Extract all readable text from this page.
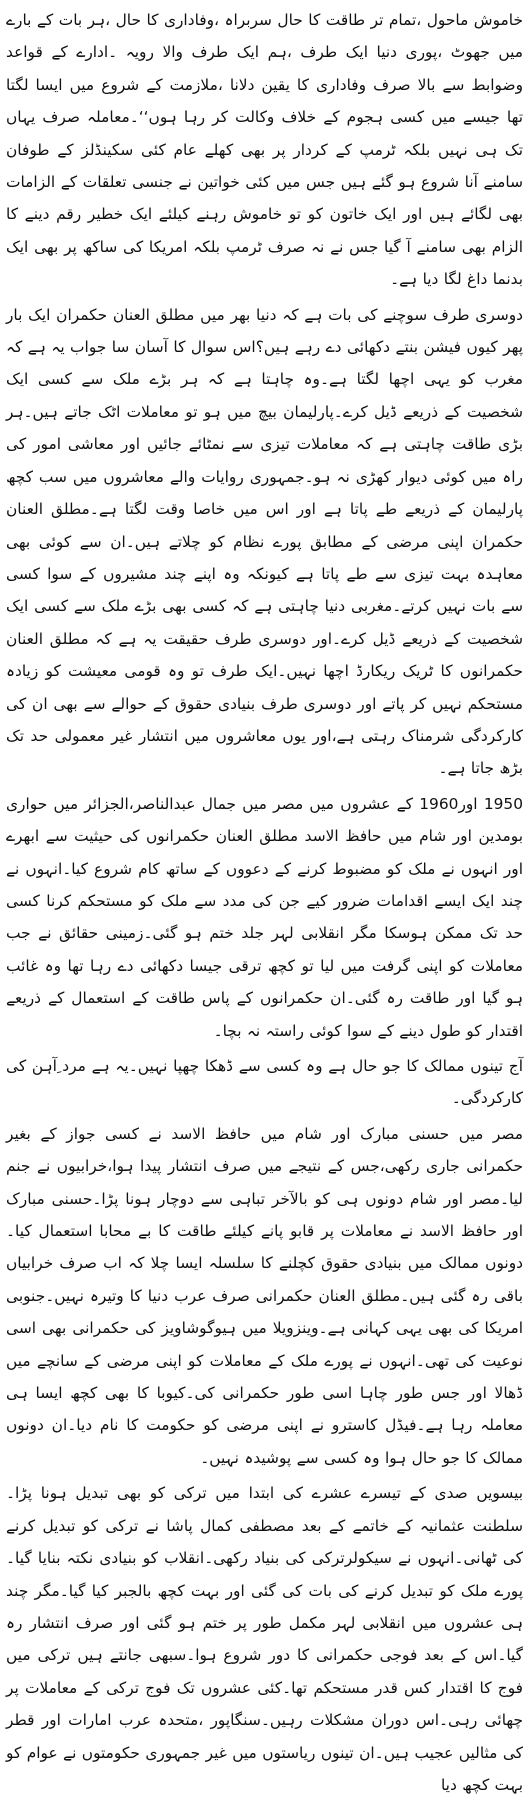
خاموش ماحول ،تمام تر طاقت کا حال سربراہ ،وفاداری کا حال ،ہر بات کے بارے میں جھوٹ ،پوری دنیا ایک طرف ،ہم ایک طرف والا رویہ ۔ادارے کے قواعد وضوابط سے بالا صرف وفاداری کا یقین دلانا ،ملازمت کے شروع میں ایسا لگتا تھا جیسے میں کسی ہجوم کے خلاف وکالت کر رہا ہوں‘‘۔معاملہ صرف یہاں تک ہی نہیں بلکہ ٹرمپ کے کردار پر بھی کھلے عام کئی سکینڈلز کے طوفان سامنے آنا شروع ہو گئے ہیں جس میں کئی خواتین نے جنسی تعلقات کے الزامات بھی لگائے ہیں اور ایک خاتون کو تو خاموش رہنے کیلئے ایک خطیر رقم دینے کا الزام بھی سامنے آ گیا جس نے نہ صرف ٹرمپ بلکہ امریکا کی ساکھ پر بھی ایک بدنما داغ لگا دیا ہے۔

دوسری طرف سوچنے کی بات ہے کہ دنیا بھر میں مطلق العنان حکمران ایک بار پھر کیوں فیشن بنتے دکھائی دے رہے ہیں؟اس سوال کا آسان سا جواب یہ ہے کہ مغرب کو یہی اچھا لگتا ہے۔وہ چاہتا ہے کہ ہر بڑے ملک سے کسی ایک شخصیت کے ذریعے ڈیل کرے۔پارلیمان بیچ میں ہو تو معاملات اٹک جاتے ہیں۔ہر بڑی طاقت چاہتی ہے کہ معاملات تیزی سے نمٹائے جائیں اور معاشی امور کی راہ میں کوئی دیوار کھڑی نہ ہو۔جمہوری روایات والے معاشروں میں سب کچھ پارلیمان کے ذریعے طے پاتا ہے اور اس میں خاصا وقت لگتا ہے۔مطلق العنان حکمران اپنی مرضی کے مطابق پورے نظام کو چلاتے ہیں۔ان سے کوئی بھی معاہدہ بہت تیزی سے طے پاتا ہے کیونکہ وہ اپنے چند مشیروں کے سوا کسی سے بات نہیں کرتے۔مغربی دنیا چاہتی ہے کہ کسی بھی بڑے ملک سے کسی ایک شخصیت کے ذریعے ڈیل کرے۔اور دوسری طرف حقیقت یہ ہے کہ مطلق العنان حکمرانوں کا ٹریک ریکارڈ اچھا نہیں۔ایک طرف تو وہ قومی معیشت کو زیادہ مستحکم نہیں کر پاتے اور دوسری طرف بنیادی حقوق کے حوالے سے بھی ان کی کارکردگی شرمناک رہتی ہے،اور یوں معاشروں میں انتشار غیر معمولی حد تک بڑھ جاتا ہے۔

1950 اور1960 کے عشروں میں مصر میں جمال عبدالناصر،الجزائر میں حواری بومدین اور شام میں حافظ الاسد مطلق العنان حکمرانوں کی حیثیت سے ابھرے اور انہوں نے ملک کو مضبوط کرنے کے دعووں کے ساتھ کام شروع کیا۔انہوں نے چند ایک ایسے اقدامات ضرور کیے جن کی مدد سے ملک کو مستحکم کرنا کسی حد تک ممکن ہوسکا مگر انقلابی لہر جلد ختم ہو گئی۔زمینی حقائق نے جب معاملات کو اپنی گرفت میں لیا تو کچھ ترقی جیسا دکھائی دے رہا تھا وہ غائب ہو گیا اور طاقت رہ گئی۔ان حکمرانوں کے پاس طاقت کے استعمال کے ذریعے اقتدار کو طول دینے کے سوا کوئی راستہ نہ بچا۔

آج تینوں ممالک کا جو حال ہے وہ کسی سے ڈھکا چھپا نہیں۔یہ ہے مرد ِآہن کی کارکردگی۔

مصر میں حسنی مبارک اور شام میں حافظ الاسد نے کسی جواز کے بغیر حکمرانی جاری رکھی،جس کے نتیجے میں صرف انتشار پیدا ہوا،خرابیوں نے جنم لیا۔مصر اور شام دونوں ہی کو بالآخر تباہی سے دوچار ہونا پڑا۔حسنی مبارک اور حافظ الاسد نے معاملات پر قابو پانے کیلئے طاقت کا بے محابا استعمال کیا۔دونوں ممالک میں بنیادی حقوق کچلنے کا سلسلہ ایسا چلا کہ اب صرف خرابیاں باقی رہ گئی ہیں۔مطلق العنان حکمرانی صرف عرب دنیا کا وتیرہ نہیں۔جنوبی امریکا کی بھی یہی کہانی ہے۔وینزویلا میں ہیوگوشاویز کی حکمرانی بھی اسی نوعیت کی تھی۔انہوں نے پورے ملک کے معاملات کو اپنی مرضی کے سانچے میں ڈھالا اور جس طور چاہا اسی طور حکمرانی کی۔کیوبا کا بھی کچھ ایسا ہی معاملہ رہا ہے۔فیڈل کاسترو نے اپنی مرضی کو حکومت کا نام دیا۔ان دونوں ممالک کا جو حال ہوا وہ کسی سے پوشیدہ نہیں۔

بیسویں صدی کے تیسرے عشرے کی ابتدا میں ترکی کو بھی تبدیل ہونا پڑا۔سلطنت عثمانیہ کے خاتمے کے بعد مصطفی کمال پاشا نے ترکی کو تبدیل کرنے کی ٹھانی۔انہوں نے سیکولرترکی کی بنیاد رکھی۔انقلاب کو بنیادی نکتہ بنایا گیا۔پورے ملک کو تبدیل کرنے کی بات کی گئی اور بہت کچھ بالجبر کیا گیا۔مگر چند ہی عشروں میں انقلابی لہر مکمل طور پر ختم ہو گئی اور صرف انتشار رہ گیا۔اس کے بعد فوجی حکمرانی کا دور شروع ہوا۔سبھی جانتے ہیں ترکی میں فوج کا اقتدار کس قدر مستحکم تھا۔کئی عشروں تک فوج ترکی کے معاملات پر چھائی رہی۔اس دوران مشکلات رہیں۔سنگاپور ،متحدہ عرب امارات اور قطر کی مثالیں عجیب ہیں۔ان تینوں ریاستوں میں غیر جمہوری حکومتوں نے عوام کو بہت کچھ دیا
